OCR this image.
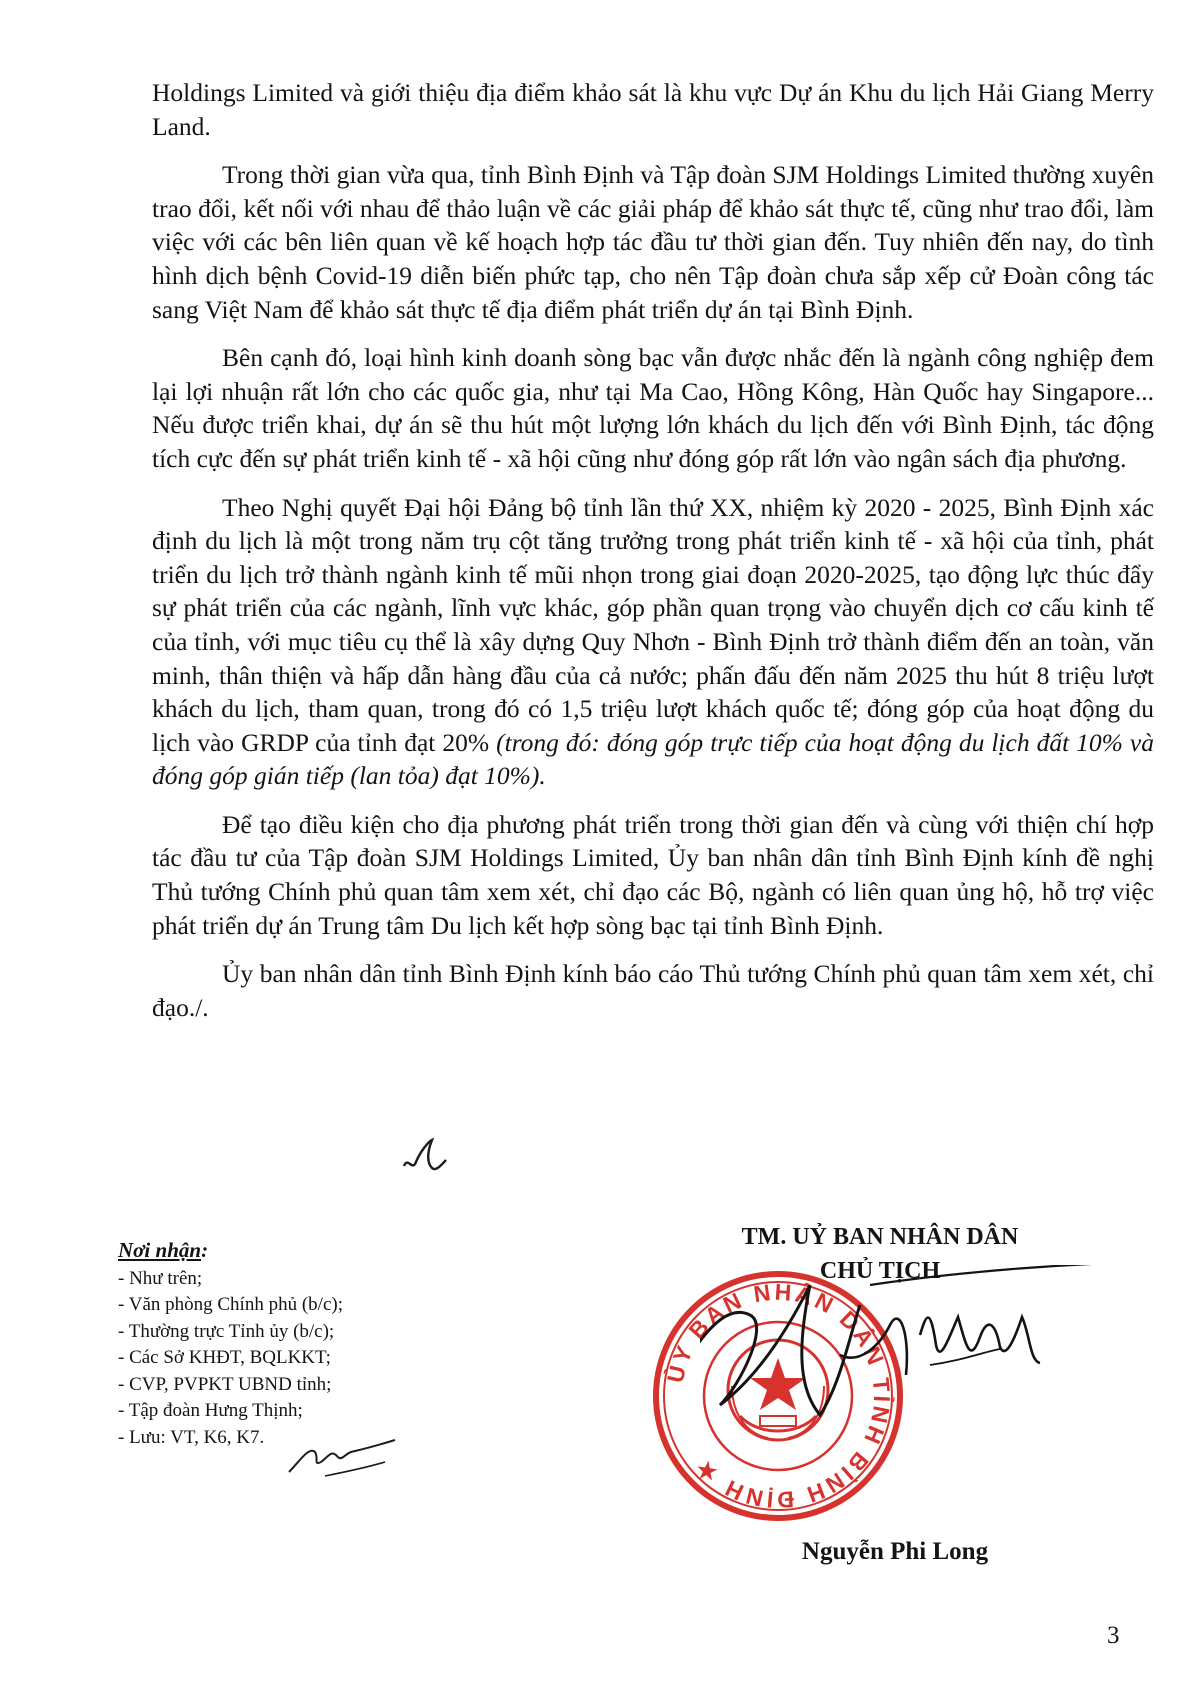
Holdings Limited và giới thiệu địa điểm khảo sát là khu vực Dự án Khu du lịch Hải Giang Merry Land.

Trong thời gian vừa qua, tỉnh Bình Định và Tập đoàn SJM Holdings Limited thường xuyên trao đổi, kết nối với nhau để thảo luận về các giải pháp để khảo sát thực tế, cũng như trao đổi, làm việc với các bên liên quan về kế hoạch hợp tác đầu tư thời gian đến. Tuy nhiên đến nay, do tình hình dịch bệnh Covid-19 diễn biến phức tạp, cho nên Tập đoàn chưa sắp xếp cử Đoàn công tác sang Việt Nam để khảo sát thực tế địa điểm phát triển dự án tại Bình Định.

Bên cạnh đó, loại hình kinh doanh sòng bạc vẫn được nhắc đến là ngành công nghiệp đem lại lợi nhuận rất lớn cho các quốc gia, như tại Ma Cao, Hồng Kông, Hàn Quốc hay Singapore... Nếu được triển khai, dự án sẽ thu hút một lượng lớn khách du lịch đến với Bình Định, tác động tích cực đến sự phát triển kinh tế - xã hội cũng như đóng góp rất lớn vào ngân sách địa phương.

Theo Nghị quyết Đại hội Đảng bộ tỉnh lần thứ XX, nhiệm kỳ 2020 - 2025, Bình Định xác định du lịch là một trong năm trụ cột tăng trưởng trong phát triển kinh tế - xã hội của tỉnh, phát triển du lịch trở thành ngành kinh tế mũi nhọn trong giai đoạn 2020-2025, tạo động lực thúc đẩy sự phát triển của các ngành, lĩnh vực khác, góp phần quan trọng vào chuyển dịch cơ cấu kinh tế của tỉnh, với mục tiêu cụ thể là xây dựng Quy Nhơn - Bình Định trở thành điểm đến an toàn, văn minh, thân thiện và hấp dẫn hàng đầu của cả nước; phấn đấu đến năm 2025 thu hút 8 triệu lượt khách du lịch, tham quan, trong đó có 1,5 triệu lượt khách quốc tế; đóng góp của hoạt động du lịch vào GRDP của tỉnh đạt 20% (trong đó: đóng góp trực tiếp của hoạt động du lịch đất 10% và đóng góp gián tiếp (lan tỏa) đạt 10%).

Để tạo điều kiện cho địa phương phát triển trong thời gian đến và cùng với thiện chí hợp tác đầu tư của Tập đoàn SJM Holdings Limited, Ủy ban nhân dân tỉnh Bình Định kính đề nghị Thủ tướng Chính phủ quan tâm xem xét, chỉ đạo các Bộ, ngành có liên quan ủng hộ, hỗ trợ việc phát triển dự án Trung tâm Du lịch kết hợp sòng bạc tại tỉnh Bình Định.

Ủy ban nhân dân tỉnh Bình Định kính báo cáo Thủ tướng Chính phủ quan tâm xem xét, chỉ đạo./.

Nơi nhận:
- Như trên;
- Văn phòng Chính phủ (b/c);
- Thường trực Tỉnh ủy (b/c);
- Các Sở KHĐT, BQLKKT;
- CVP, PVPKT UBND tỉnh;
- Tập đoàn Hưng Thịnh;
- Lưu: VT, K6, K7.
TM. UỶ BAN NHÂN DÂN
CHỦ TỊCH
ỦY BAN NHÂN DÂN TỈNH BÌNH ĐỊNH ★
Nguyễn Phi Long
3
